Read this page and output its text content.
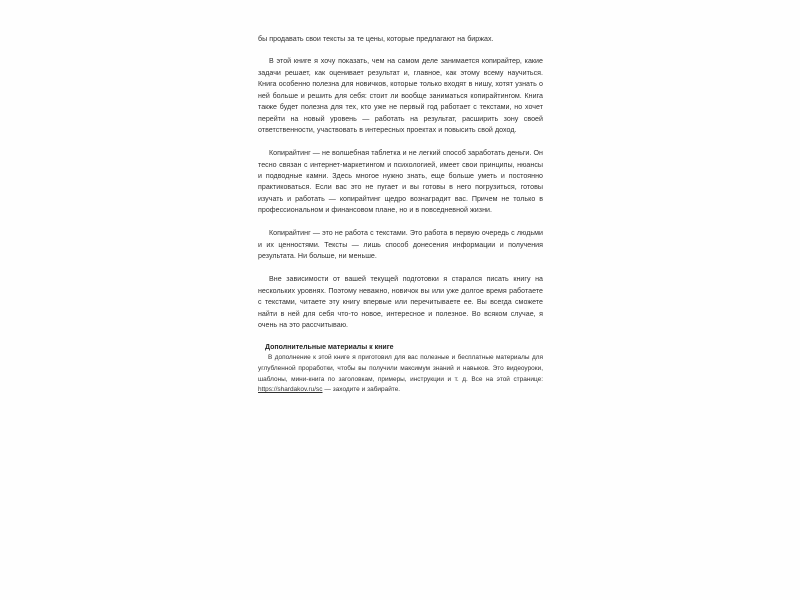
бы продавать свои тексты за те цены, которые предлагают на биржах.

В этой книге я хочу показать, чем на самом деле занимается копирайтер, какие задачи решает, как оценивает результат и, главное, как этому всему научиться. Книга особенно полезна для новичков, которые только входят в нишу, хотят узнать о ней больше и решить для себя: стоит ли вообще заниматься копирайтингом. Книга также будет полезна для тех, кто уже не первый год работает с текстами, но хочет перейти на новый уровень — работать на результат, расширить зону своей ответственности, участвовать в интересных проектах и повысить свой доход.

Копирайтинг — не волшебная таблетка и не легкий способ заработать деньги. Он тесно связан с интернет-маркетингом и психологией, имеет свои принципы, нюансы и подводные камни. Здесь многое нужно знать, еще больше уметь и постоянно практиковаться. Если вас это не пугает и вы готовы в него погрузиться, готовы изучать и работать — копирайтинг щедро вознаградит вас. Причем не только в профессиональном и финансовом плане, но и в повседневной жизни.

Копирайтинг — это не работа с текстами. Это работа в первую очередь с людьми и их ценностями. Тексты — лишь способ донесения информации и получения результата. Ни больше, ни меньше.

Вне зависимости от вашей текущей подготовки я старался писать книгу на нескольких уровнях. Поэтому неважно, новичок вы или уже долгое время работаете с текстами, читаете эту книгу впервые или перечитываете ее. Вы всегда сможете найти в ней для себя что-то новое, интересное и полезное. Во всяком случае, я очень на это рассчитываю.

Дополнительные материалы к книге

В дополнение к этой книге я приготовил для вас полезные и бесплатные материалы для углубленной проработки, чтобы вы получили максимум знаний и навыков. Это видеоуроки, шаблоны, мини-книга по заголовкам, примеры, инструкции и т. д. Все на этой странице: https://shardakov.ru/sc — заходите и забирайте.
